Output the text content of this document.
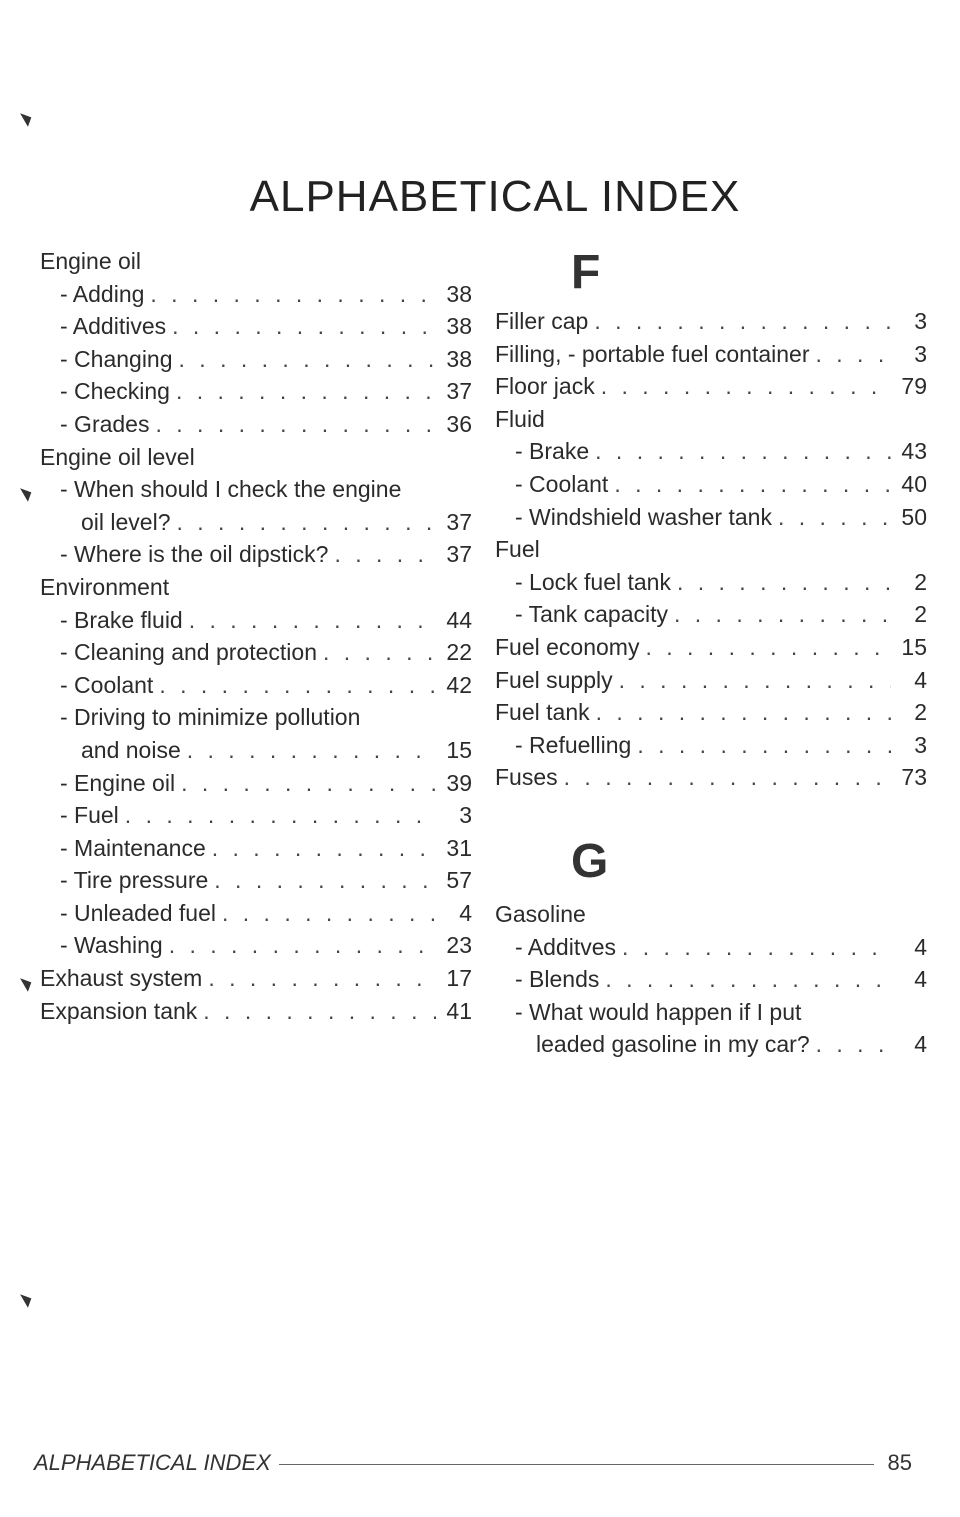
ALPHABETICAL INDEX
Engine oil
- Adding . . .	38
- Additives . . .	38
- Changing . . .	38
- Checking . . .	37
- Grades . . .	36
Engine oil level
- When should I check the engine
oil level? . . .	37
- Where is the oil dipstick? . . .	37
Environment
- Brake fluid . . .	44
- Cleaning and protection . . .	22
- Coolant . . .	42
- Driving to minimize pollution
and noise . . .	15
- Engine oil . . .	39
- Fuel . . .	3
- Maintenance . . .	31
- Tire pressure . . .	57
- Unleaded fuel . . .	4
- Washing . . .	23
Exhaust system . . .	17
Expansion tank . . .	41
F
Filler cap . . .	3
Filling, - portable fuel container . . .	3
Floor jack . . .	79
Fluid
- Brake . . .	43
- Coolant . . .	40
- Windshield washer tank . . .	50
Fuel
- Lock fuel tank . . .	2
- Tank capacity . . .	2
Fuel economy . . .	15
Fuel supply . . .	4
Fuel tank . . .	2
- Refuelling . . .	3
Fuses . . .	73
G
Gasoline
- Additves . . .	4
- Blends . . .	4
- What would happen if I put
leaded gasoline in my car? . . .	4
ALPHABETICAL INDEX	85
